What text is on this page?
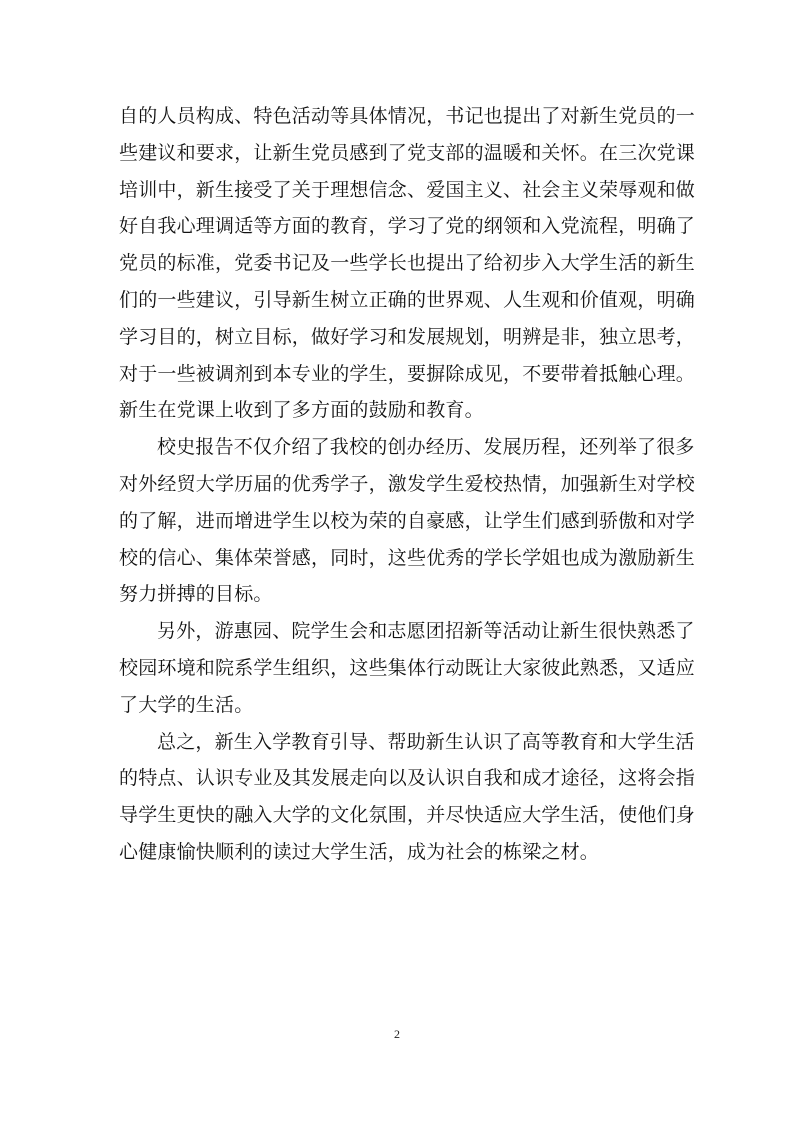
自的人员构成、特色活动等具体情况，书记也提出了对新生党员的一
些建议和要求，让新生党员感到了党支部的温暖和关怀。在三次党课
培训中，新生接受了关于理想信念、爱国主义、社会主义荣辱观和做
好自我心理调适等方面的教育，学习了党的纲领和入党流程，明确了
党员的标准，党委书记及一些学长也提出了给初步入大学生活的新生
们的一些建议，引导新生树立正确的世界观、人生观和价值观，明确
学习目的，树立目标，做好学习和发展规划，明辨是非，独立思考，
对于一些被调剂到本专业的学生，要摒除成见，不要带着抵触心理。
新生在党课上收到了多方面的鼓励和教育。
校史报告不仅介绍了我校的创办经历、发展历程，还列举了很多
对外经贸大学历届的优秀学子，激发学生爱校热情，加强新生对学校
的了解，进而增进学生以校为荣的自豪感，让学生们感到骄傲和对学
校的信心、集体荣誉感，同时，这些优秀的学长学姐也成为激励新生
努力拼搏的目标。
另外，游惠园、院学生会和志愿团招新等活动让新生很快熟悉了
校园环境和院系学生组织，这些集体行动既让大家彼此熟悉，又适应
了大学的生活。
总之，新生入学教育引导、帮助新生认识了高等教育和大学生活
的特点、认识专业及其发展走向以及认识自我和成才途径，这将会指
导学生更快的融入大学的文化氛围，并尽快适应大学生活，使他们身
心健康愉快顺利的读过大学生活，成为社会的栋梁之材。
2
